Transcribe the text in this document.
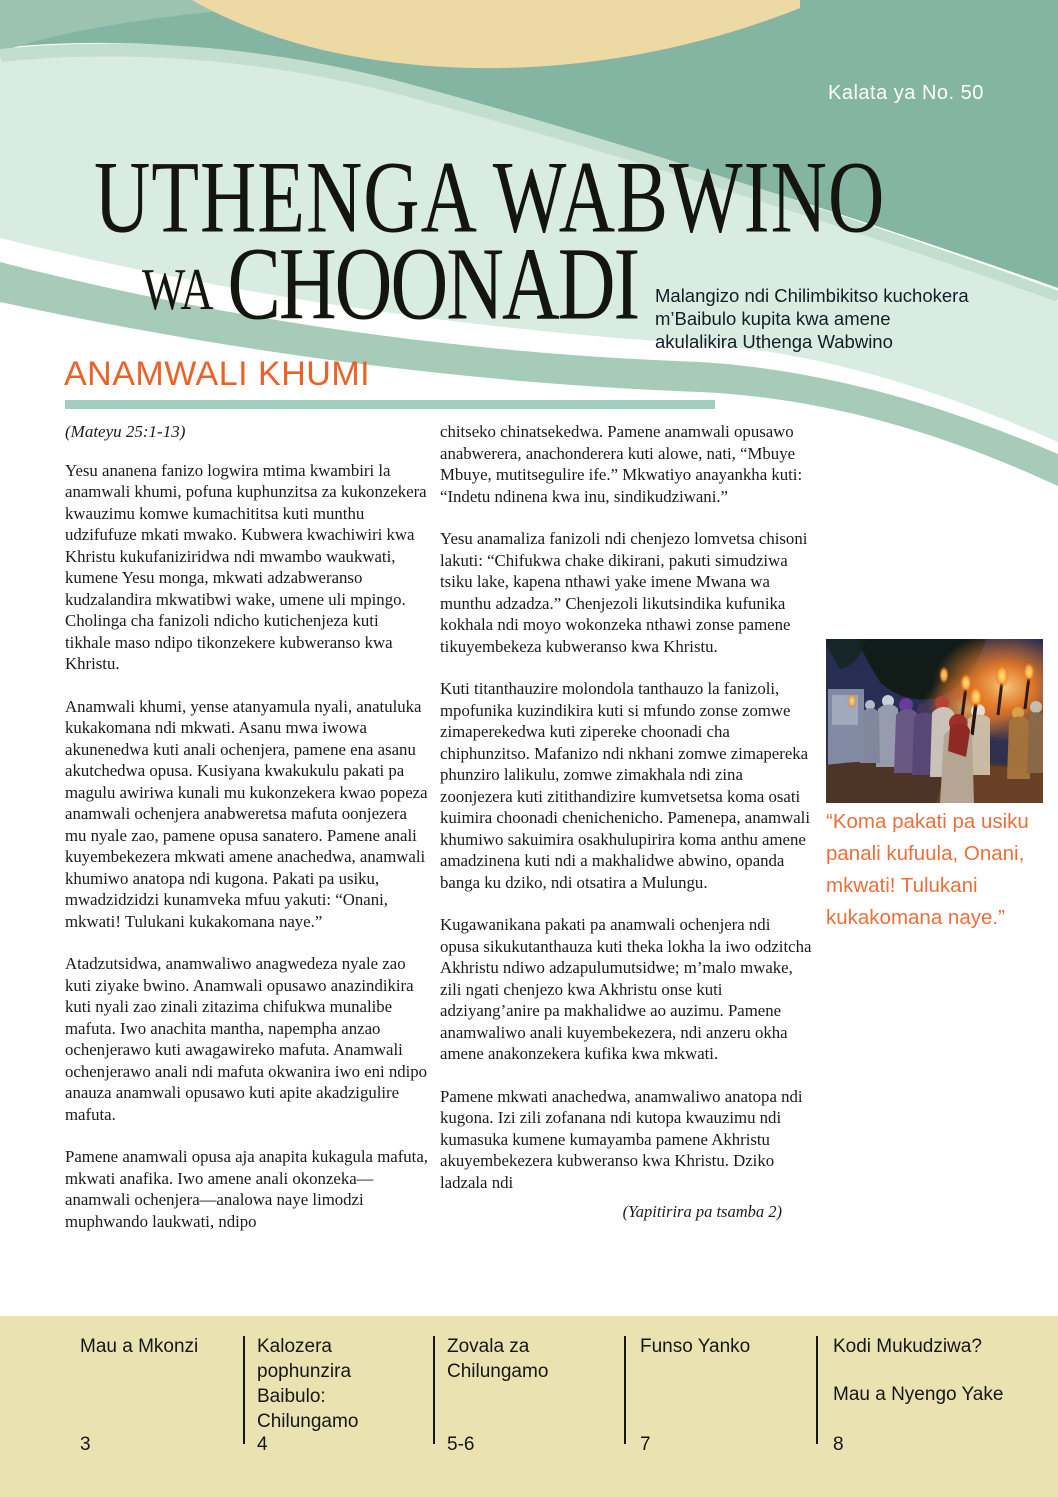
Kalata ya No. 50
UTHENGA WABWINO
WA CHOONADI Malangizo ndi Chilimbikitso kuchokera m’Baibulo kupita kwa amene akulalikira Uthenga Wabwino
ANAMWALI KHUMI
(Mateyu 25:1-13)

Yesu ananena fanizo logwira mtima kwambiri la anamwali khumi, pofuna kuphunzitsa za kukonzekera kwauzimu komwe kumachititsa kuti munthu udzifufuze mkati mwako. Kubwera kwachiwiri kwa Khristu kukufaniziridwa ndi mwambo waukwati, kumene Yesu monga, mkwati adzabweranso kudzalandira mkwatibwi wake, umene uli mpingo. Cholinga cha fanizoli ndicho kutichenjeza kuti tikhale maso ndipo tikonzekere kubweranso kwa Khristu.

Anamwali khumi, yense atanyamula nyali, anatuluka kukakomana ndi mkwati. Asanu mwa iwowa akunenedwa kuti anali ochenjera, pamene ena asanu akutchedwa opusa. Kusiyana kwakukulu pakati pa magulu awiriwa kunali mu kukonzekera kwao popeza anamwali ochenjera anabweretsa mafuta oonjezera mu nyale zao, pamene opusa sanatero. Pamene anali kuyembekezera mkwati amene anachedwa, anamwali khumiwo anatopa ndi kugona. Pakati pa usiku, mwadzidzidzi kunamveka mfuu yakuti: “Onani, mkwati! Tulukani kukakomana naye.”

Atadzutsidwa, anamwaliwo anagwedeza nyale zao kuti ziyake bwino. Anamwali opusawo anazindikira kuti nyali zao zinali zitazima chifukwa munalibe mafuta. Iwo anachita mantha, napempha anzao ochenjerawo kuti awagawireko mafuta. Anamwali ochenjerawo anali ndi mafuta okwanira iwo eni ndipo anauza anamwali opusawo kuti apite akadzigulire mafuta.

Pamene anamwali opusa aja anapita kukagula mafuta, mkwati anafika. Iwo amene anali okonzeka—anamwali ochenjera—analowa naye limodzi muphwando laukwati, ndipo

chitseko chinatsekedwa. Pamene anamwali opusawo anabwerera, anachonderera kuti alowe, nati, “Mbuye Mbuye, mutitsegulire ife.” Mkwatiyo anayankha kuti: “Indetu ndinena kwa inu, sindikudziwani.”

Yesu anamaliza fanizoli ndi chenjezo lomvetsa chisoni lakuti: “Chifukwa chake dikirani, pakuti simudziwa tsiku lake, kapena nthawi yake imene Mwana wa munthu adzadza.” Chenjezoli likutsindika kufunika kokhala ndi moyo wokonzeka nthawi zonse pamene tikuyembekeza kubweranso kwa Khristu.

Kuti titanthauzire molondola tanthauzo la fanizoli, mpofunika kuzindikira kuti si mfundo zonse zomwe zimaperekedwa kuti zipereke choonadi cha chiphunzitso. Mafanizo ndi nkhani zomwe zimapereka phunziro lalikulu, zomwe zimakhala ndi zina zoonjezera kuti zitithandizire kumvetsetsa koma osati kuimira choonadi chenichenicho. Pamenepa, anamwali khumiwo sakuimira osakhulupirira koma anthu amene amadzinena kuti ndi a makhalidwe abwino, opanda banga ku dziko, ndi otsatira a Mulungu.

Kugawanikana pakati pa anamwali ochenjera ndi opusa sikukutanthauza kuti theka lokha la iwo odzitcha Akhristu ndiwo adzapulumutsidwe; m’malo mwake, zili ngati chenjezo kwa Akhristu onse kuti adziyang’anire pa makhalidwe ao auzimu. Pamene anamwaliwo anali kuyembekezera, ndi anzeru okha amene anakonzekera kufika kwa mkwati.

Pamene mkwati anachedwa, anamwaliwo anatopa ndi kugona. Izi zili zofanana ndi kutopa kwauzimu ndi kumasuka kumene kumayamba pamene Akhristu akuyembekezera kubweranso kwa Khristu. Dziko ladzala ndi

(Yapitirira pa tsamba 2)
“Koma pakati pa usiku panali kufuula, Onani, mkwati! Tulukani kukakomana naye.”
Mau a Mkonzi
3
Kalozera pophunzira Baibulo: Chilungamo
4
Zovala za Chilungamo
5-6
Funso Yanko
7
Kodi Mukudziwa?
Mau a Nyengo Yake
8
